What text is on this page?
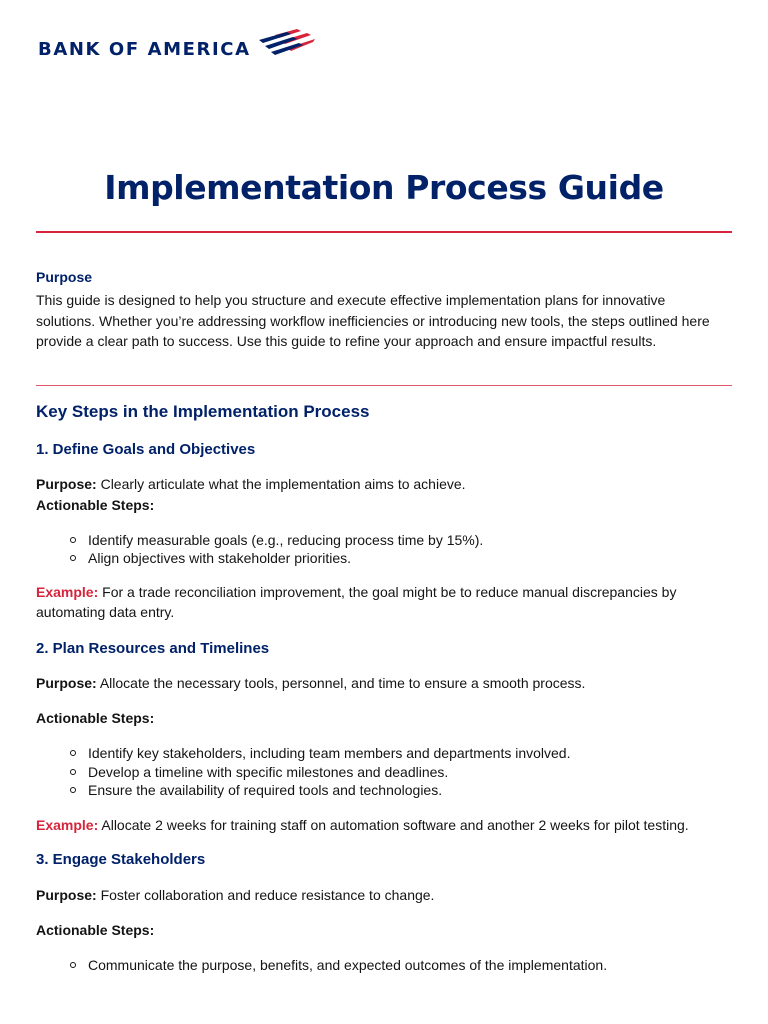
BANK OF AMERICA
Implementation Process Guide
Purpose
This guide is designed to help you structure and execute effective implementation plans for innovative
solutions. Whether you’re addressing workflow inefficiencies or introducing new tools, the steps outlined here
provide a clear path to success. Use this guide to refine your approach and ensure impactful results.
Key Steps in the Implementation Process
1. Define Goals and Objectives
Purpose: Clearly articulate what the implementation aims to achieve.
Actionable Steps:
Identify measurable goals (e.g., reducing process time by 15%).
Align objectives with stakeholder priorities.
Example: For a trade reconciliation improvement, the goal might be to reduce manual discrepancies by
automating data entry.
2. Plan Resources and Timelines
Purpose: Allocate the necessary tools, personnel, and time to ensure a smooth process.
Actionable Steps:
Identify key stakeholders, including team members and departments involved.
Develop a timeline with specific milestones and deadlines.
Ensure the availability of required tools and technologies.
Example: Allocate 2 weeks for training staff on automation software and another 2 weeks for pilot testing.
3. Engage Stakeholders
Purpose: Foster collaboration and reduce resistance to change.
Actionable Steps:
Communicate the purpose, benefits, and expected outcomes of the implementation.
